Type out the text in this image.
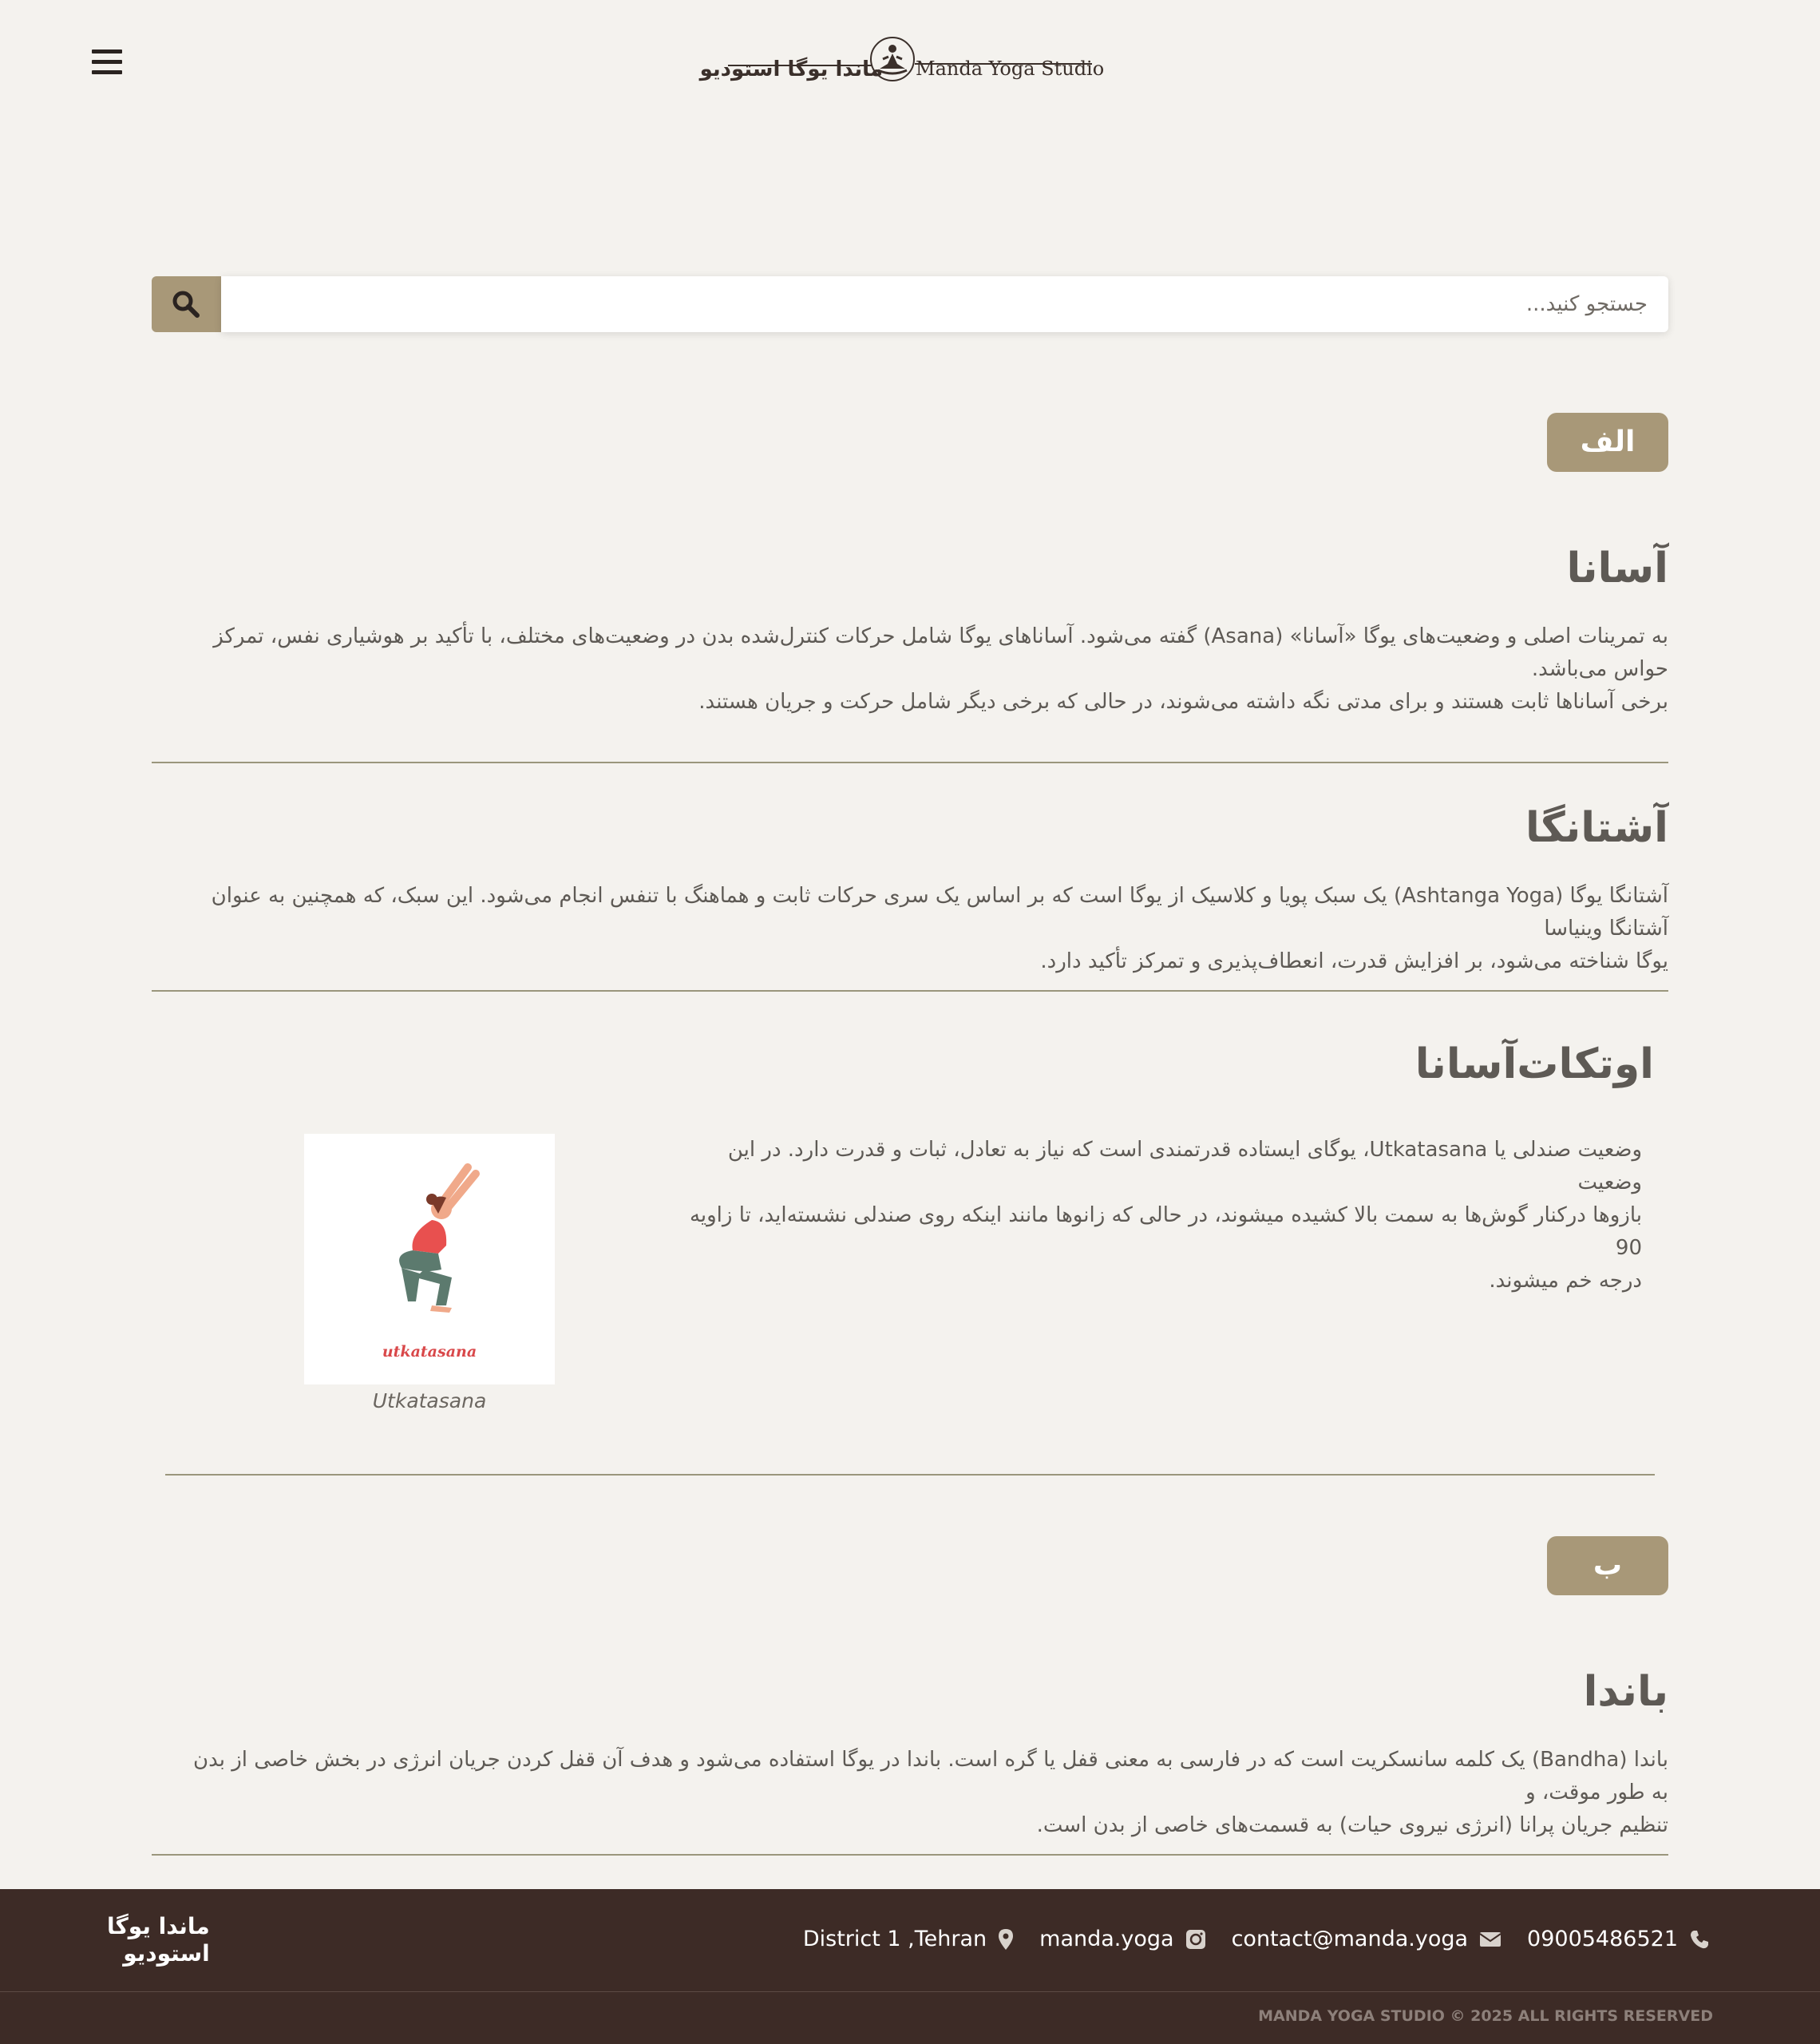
ماندا یوگا استودیو Manda Yoga Studio
جستجو کنید...
الف
آسانا
به تمرینات اصلی و وضعیت‌های یوگا «آسانا» (Asana) گفته می‌شود. آساناهای یوگا شامل حرکات کنترل‌شده بدن در وضعیت‌های مختلف، با تأکید بر هوشیاری نفس، تمرکز حواس می‌باشد.
برخی آساناها ثابت هستند و برای مدتی نگه داشته می‌شوند، در حالی که برخی دیگر شامل حرکت و جریان هستند.
آشتانگا
آشتانگا یوگا (Ashtanga Yoga) یک سبک پویا و کلاسیک از یوگا است که بر اساس یک سری حرکات ثابت و هماهنگ با تنفس انجام می‌شود. این سبک، که همچنین به عنوان آشتانگا وینیاسا
یوگا شناخته می‌شود، بر افزایش قدرت، انعطاف‌پذیری و تمرکز تأکید دارد.
اوتکات‌آسانا
وضعیت صندلی یا Utkatasana، یوگای ایستاده قدرتمندی است که نیاز به تعادل، ثبات و قدرت دارد. در این وضعیت
بازوها درکنار گوش‌ها به سمت بالا کشیده میشوند، در حالی که زانوها مانند اینکه روی صندلی نشسته‌اید، تا زاویه 90
درجه خم میشوند.
utkatasana
Utkatasana
ب
باندا
باندا (Bandha) یک کلمه سانسکریت است که در فارسی به معنی قفل یا گره است. باندا در یوگا استفاده می‌شود و هدف آن قفل کردن جریان انرژی در بخش خاصی از بدن به طور موقت، و
تنظیم جریان پرانا (انرژی نیروی حیات) به قسمت‌های خاصی از بدن است.
ماندا یوگا
استودیو
09005486521
contact@manda.yoga
manda.yoga
District 1 ,Tehran
MANDA YOGA STUDIO © 2025 ALL RIGHTS RESERVED
